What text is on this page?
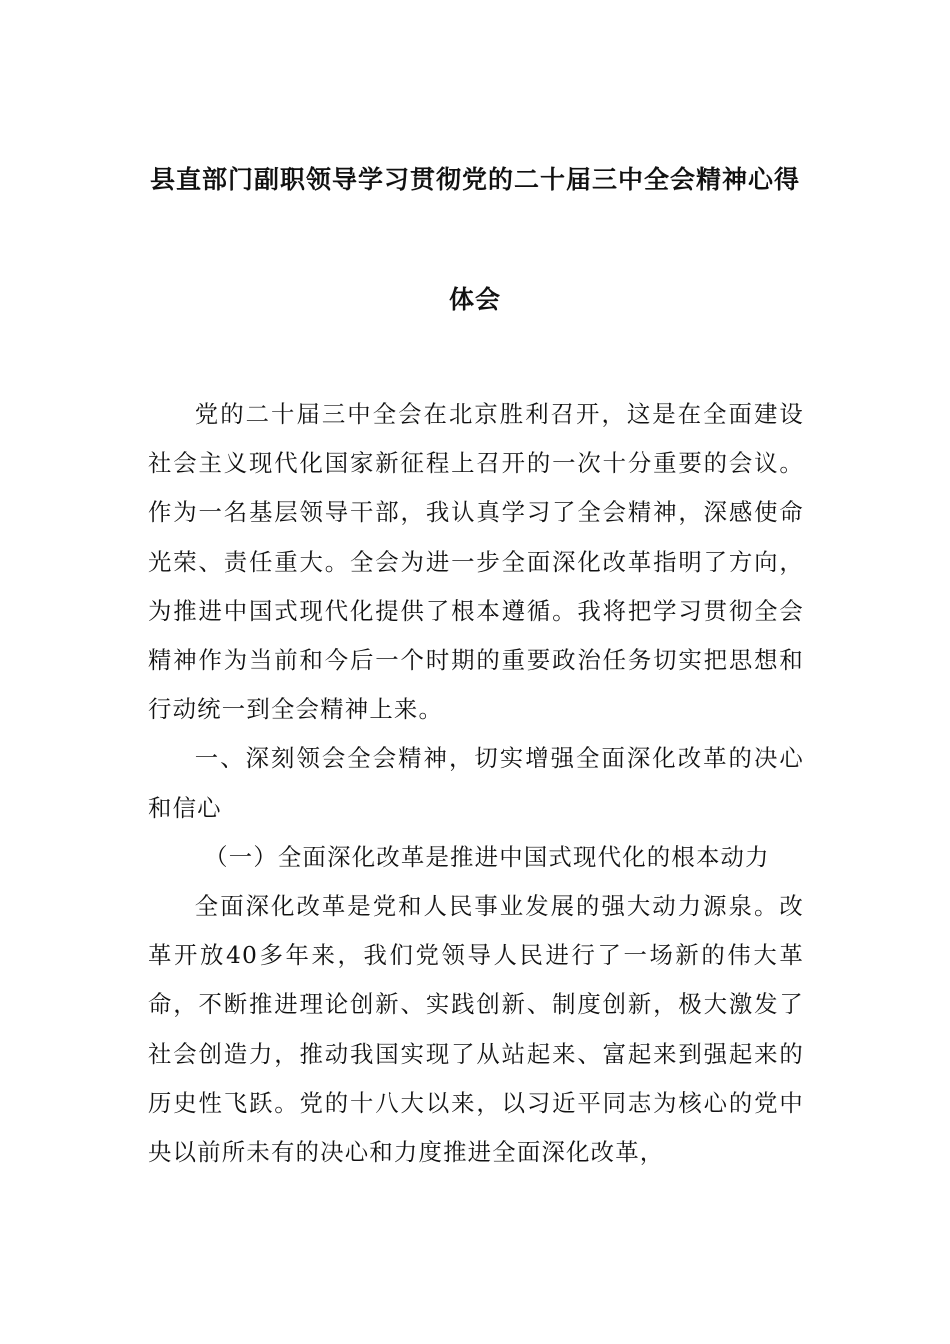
县直部门副职领导学习贯彻党的二十届三中全会精神心得
体会

党的二十届三中全会在北京胜利召开，这是在全面建设社会主义现代化国家新征程上召开的一次十分重要的会议。作为一名基层领导干部，我认真学习了全会精神，深感使命光荣、责任重大。全会为进一步全面深化改革指明了方向，为推进中国式现代化提供了根本遵循。我将把学习贯彻全会精神作为当前和今后一个时期的重要政治任务切实把思想和行动统一到全会精神上来。

一、深刻领会全会精神，切实增强全面深化改革的决心和信心

（一）全面深化改革是推进中国式现代化的根本动力

全面深化改革是党和人民事业发展的强大动力源泉。改革开放40多年来，我们党领导人民进行了一场新的伟大革命，不断推进理论创新、实践创新、制度创新，极大激发了社会创造力，推动我国实现了从站起来、富起来到强起来的历史性飞跃。党的十八大以来，以习近平同志为核心的党中央以前所未有的决心和力度推进全面深化改革，
